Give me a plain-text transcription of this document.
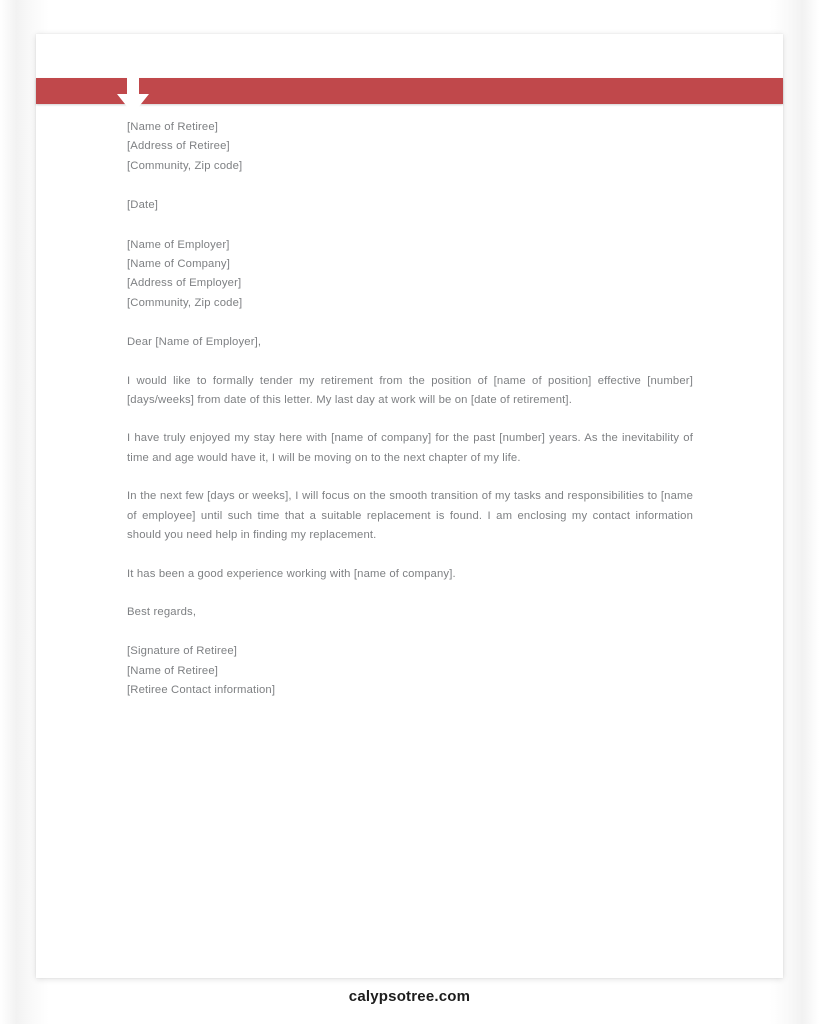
[Name of Retiree]
[Address of Retiree]
[Community, Zip code]
[Date]
[Name of Employer]
[Name of Company]
[Address of Employer]
[Community, Zip code]
Dear [Name of Employer],

I would like to formally tender my retirement from the position of [name of position] effective [number] [days/weeks] from date of this letter. My last day at work will be on [date of retirement].

I have truly enjoyed my stay here with [name of company] for the past [number] years. As the inevitability of time and age would have it, I will be moving on to the next chapter of my life.

In the next few [days or weeks], I will focus on the smooth transition of my tasks and responsibilities to [name of employee] until such time that a suitable replacement is found. I am enclosing my contact information should you need help in finding my replacement.

It has been a good experience working with [name of company].

Best regards,
[Signature of Retiree]
[Name of Retiree]
[Retiree Contact information]
calypsotree.com
